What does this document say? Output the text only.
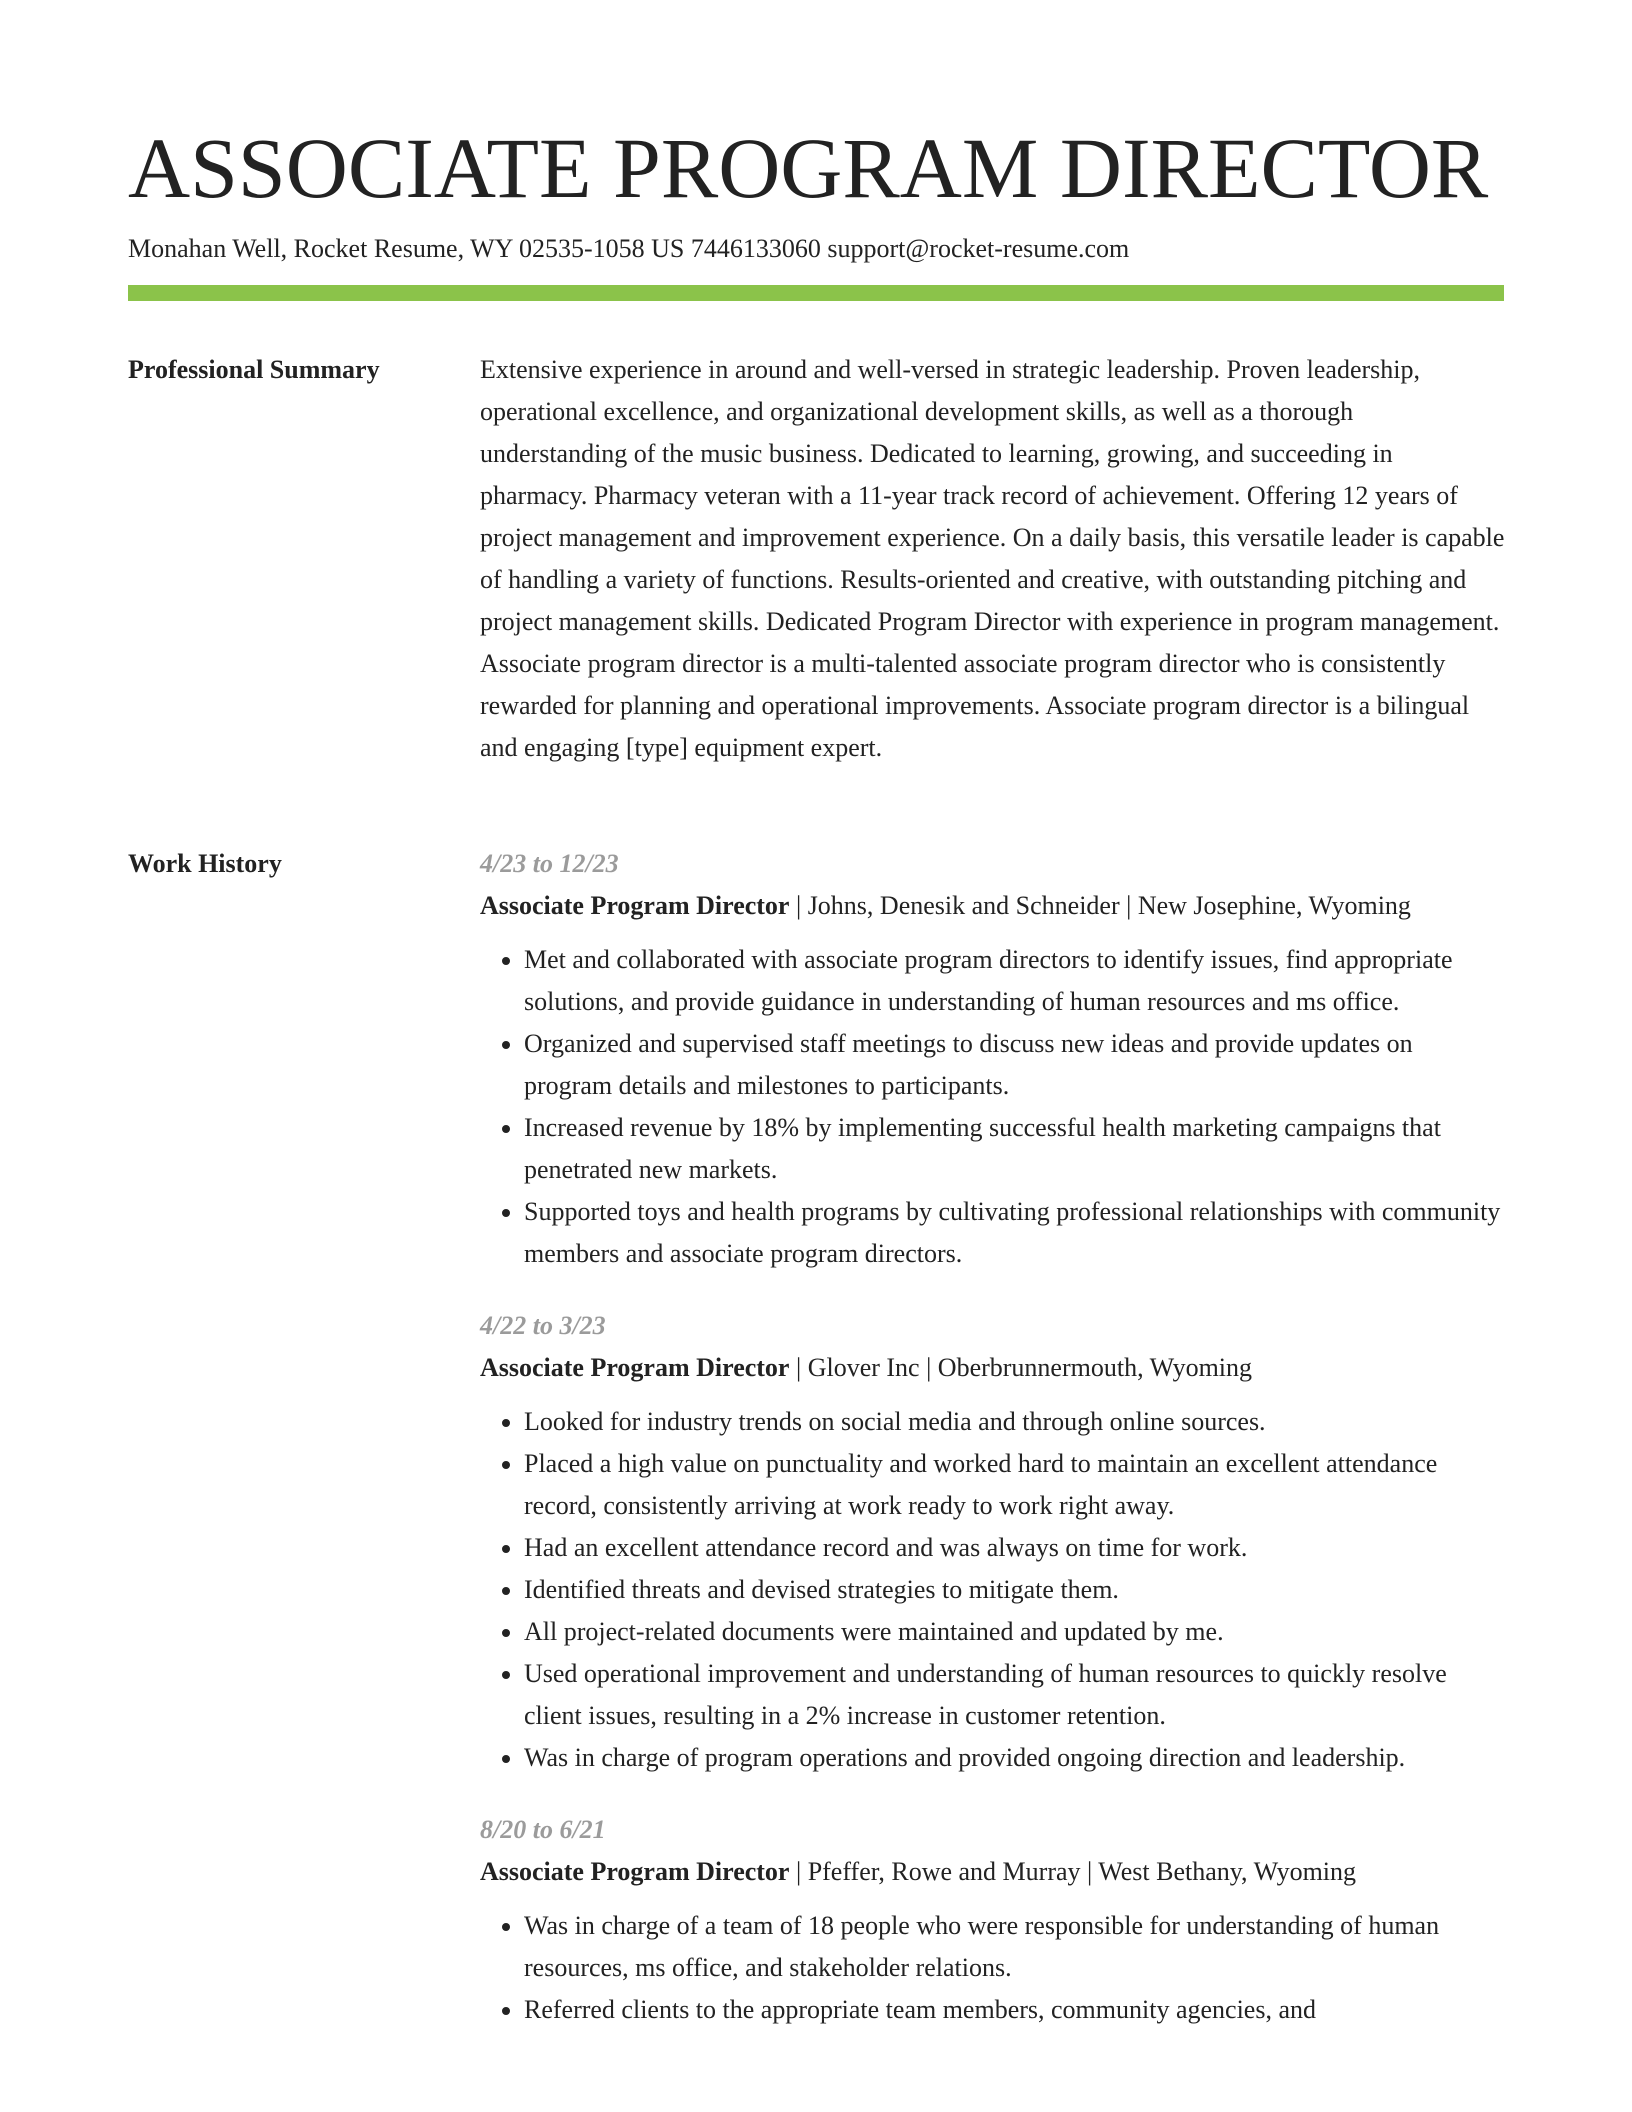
ASSOCIATE PROGRAM DIRECTOR
Monahan Well, Rocket Resume, WY 02535-1058 US 7446133060 support@rocket-resume.com
Professional Summary	Extensive experience in around and well-versed in strategic leadership. Proven leadership, operational excellence, and organizational development skills, as well as a thorough understanding of the music business. Dedicated to learning, growing, and succeeding in pharmacy. Pharmacy veteran with a 11-year track record of achievement. Offering 12 years of project management and improvement experience. On a daily basis, this versatile leader is capable of handling a variety of functions. Results-oriented and creative, with outstanding pitching and project management skills. Dedicated Program Director with experience in program management. Associate program director is a multi-talented associate program director who is consistently rewarded for planning and operational improvements. Associate program director is a bilingual and engaging [type] equipment expert.

Work History	4/23 to 12/23
Associate Program Director | Johns, Denesik and Schneider | New Josephine, Wyoming
• Met and collaborated with associate program directors to identify issues, find appropriate solutions, and provide guidance in understanding of human resources and ms office.
• Organized and supervised staff meetings to discuss new ideas and provide updates on program details and milestones to participants.
• Increased revenue by 18% by implementing successful health marketing campaigns that penetrated new markets.
• Supported toys and health programs by cultivating professional relationships with community members and associate program directors.
4/22 to 3/23
Associate Program Director | Glover Inc | Oberbrunnermouth, Wyoming
• Looked for industry trends on social media and through online sources.
• Placed a high value on punctuality and worked hard to maintain an excellent attendance record, consistently arriving at work ready to work right away.
• Had an excellent attendance record and was always on time for work.
• Identified threats and devised strategies to mitigate them.
• All project-related documents were maintained and updated by me.
• Used operational improvement and understanding of human resources to quickly resolve client issues, resulting in a 2% increase in customer retention.
• Was in charge of program operations and provided ongoing direction and leadership.
8/20 to 6/21
Associate Program Director | Pfeffer, Rowe and Murray | West Bethany, Wyoming
• Was in charge of a team of 18 people who were responsible for understanding of human resources, ms office, and stakeholder relations.
• Referred clients to the appropriate team members, community agencies, and
